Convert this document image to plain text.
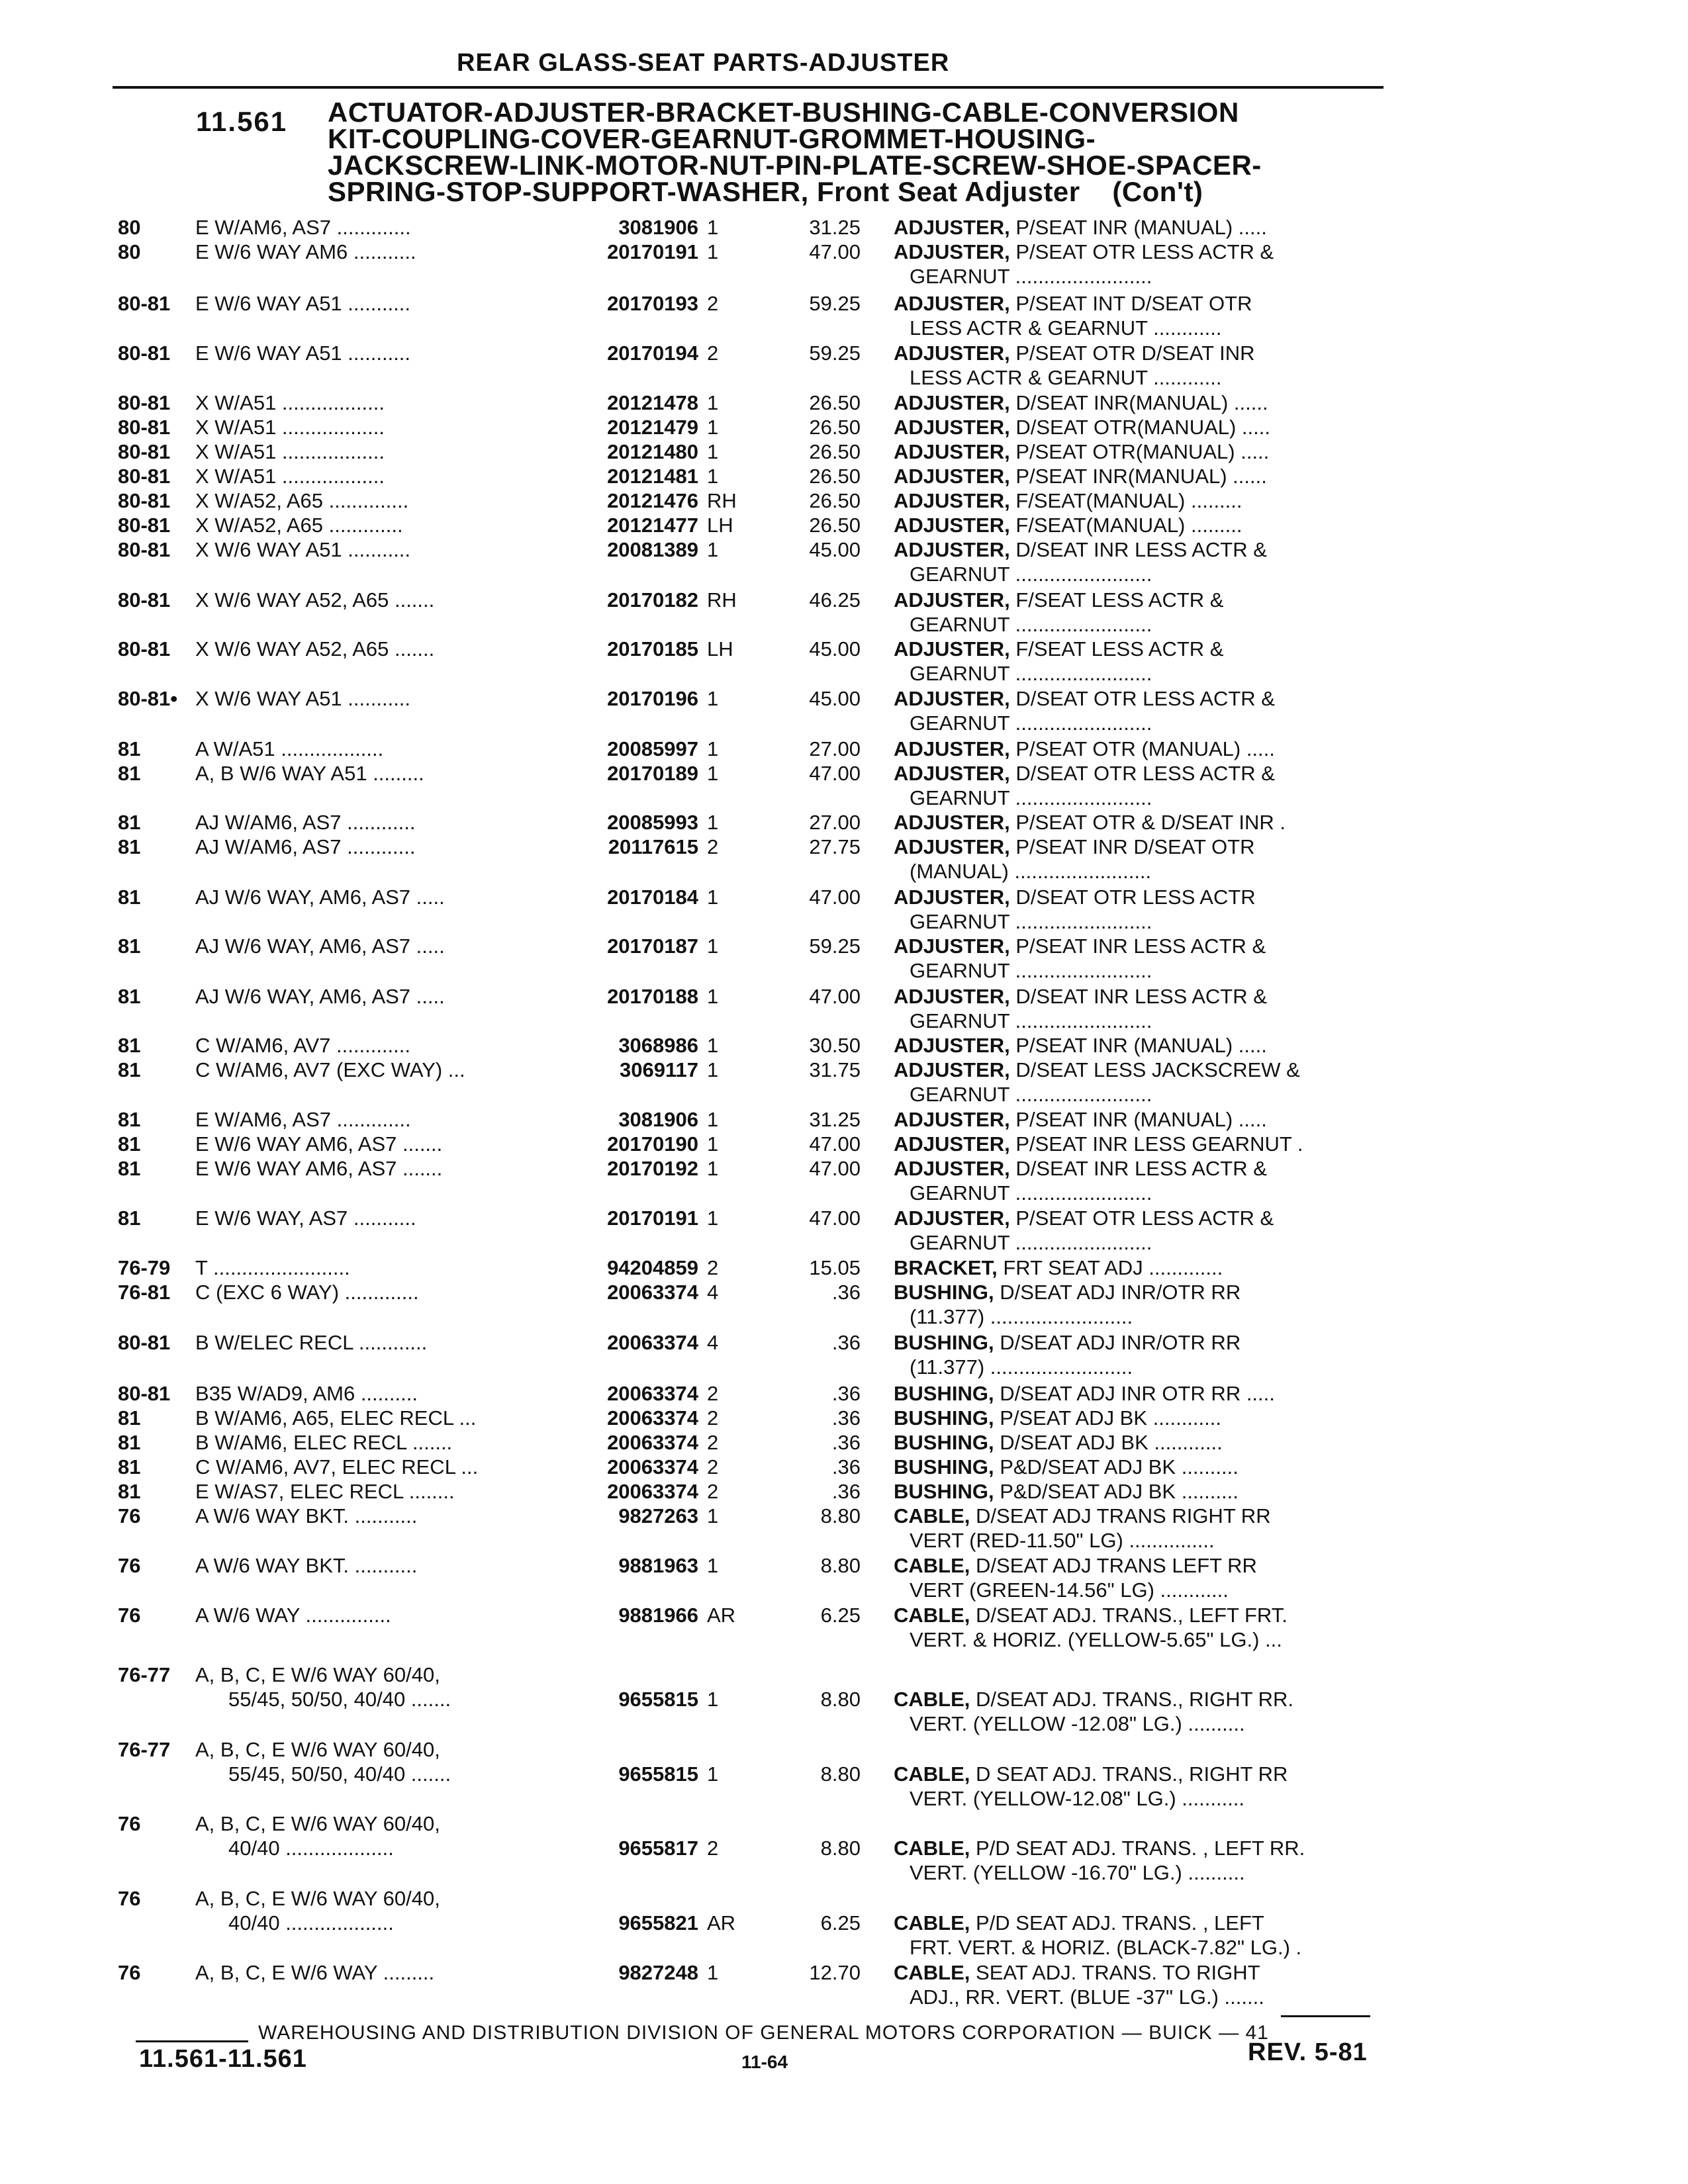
REAR GLASS-SEAT PARTS-ADJUSTER
11.561 ACTUATOR-ADJUSTER-BRACKET-BUSHING-CABLE-CONVERSION
KIT-COUPLING-COVER-GEARNUT-GROMMET-HOUSING-
JACKSCREW-LINK-MOTOR-NUT-PIN-PLATE-SCREW-SHOE-SPACER-
SPRING-STOP-SUPPORT-WASHER, Front Seat Adjuster (Con't)
80	E W/AM6, AS7 .............	3081906 1	31.25 ADJUSTER, P/SEAT INR (MANUAL) .....
80	E W/6 WAY AM6 ...........	20170191 1	47.00 ADJUSTER, P/SEAT OTR LESS ACTR &
GEARNUT ........................
80-81 E W/6 WAY A51 ...........	20170193 2	59.25 ADJUSTER, P/SEAT INT D/SEAT OTR
LESS ACTR & GEARNUT ............
80-81 E W/6 WAY A51 ...........	20170194 2	59.25 ADJUSTER, P/SEAT OTR D/SEAT INR
LESS ACTR & GEARNUT ............
80-81 X W/A51 ..................	20121478 1	26.50 ADJUSTER, D/SEAT INR(MANUAL) ......
80-81 X W/A51 ..................	20121479 1	26.50 ADJUSTER, D/SEAT OTR(MANUAL) .....
80-81 X W/A51 ..................	20121480 1	26.50 ADJUSTER, P/SEAT OTR(MANUAL) .....
80-81 X W/A51 ..................	20121481 1	26.50 ADJUSTER, P/SEAT INR(MANUAL) ......
80-81 X W/A52, A65 ..............	20121476 RH	26.50 ADJUSTER, F/SEAT(MANUAL) .........
80-81 X W/A52, A65 .............	20121477 LH	26.50 ADJUSTER, F/SEAT(MANUAL) .........
80-81 X W/6 WAY A51 ...........	20081389 1	45.00 ADJUSTER, D/SEAT INR LESS ACTR &
GEARNUT ........................
80-81 X W/6 WAY A52, A65 .......	20170182 RH	46.25 ADJUSTER, F/SEAT LESS ACTR &
GEARNUT ........................
80-81 X W/6 WAY A52, A65 .......	20170185 LH	45.00 ADJUSTER, F/SEAT LESS ACTR &
GEARNUT ........................
80-81• X W/6 WAY A51 ...........	20170196 1	45.00 ADJUSTER, D/SEAT OTR LESS ACTR &
GEARNUT ........................
81	A W/A51 ..................	20085997 1	27.00 ADJUSTER, P/SEAT OTR (MANUAL) .....
81	A, B W/6 WAY A51 .........	20170189 1	47.00 ADJUSTER, D/SEAT OTR LESS ACTR &
GEARNUT ........................
81	AJ W/AM6, AS7 ............	20085993 1	27.00 ADJUSTER, P/SEAT OTR & D/SEAT INR .
81	AJ W/AM6, AS7 ............	20117615 2	27.75 ADJUSTER, P/SEAT INR D/SEAT OTR
(MANUAL) ........................
81	AJ W/6 WAY, AM6, AS7 .....	20170184 1	47.00 ADJUSTER, D/SEAT OTR LESS ACTR
GEARNUT ........................
81	AJ W/6 WAY, AM6, AS7 .....	20170187 1	59.25 ADJUSTER, P/SEAT INR LESS ACTR &
GEARNUT ........................
81	AJ W/6 WAY, AM6, AS7 .....	20170188 1	47.00 ADJUSTER, D/SEAT INR LESS ACTR &
GEARNUT ........................
81	C W/AM6, AV7 .............	3068986 1	30.50 ADJUSTER, P/SEAT INR (MANUAL) .....
81	C W/AM6, AV7 (EXC WAY) ...	3069117 1	31.75 ADJUSTER, D/SEAT LESS JACKSCREW &
GEARNUT ........................
81	E W/AM6, AS7 .............	3081906 1	31.25 ADJUSTER, P/SEAT INR (MANUAL) .....
81	E W/6 WAY AM6, AS7 .......	20170190 1	47.00 ADJUSTER, P/SEAT INR LESS GEARNUT .
81	E W/6 WAY AM6, AS7 .......	20170192 1	47.00 ADJUSTER, D/SEAT INR LESS ACTR &
GEARNUT ........................
81	E W/6 WAY, AS7 ...........	20170191 1	47.00 ADJUSTER, P/SEAT OTR LESS ACTR &
GEARNUT ........................
76-79 T ........................	94204859 2	15.05 BRACKET, FRT SEAT ADJ .............
76-81 C (EXC 6 WAY) .............	20063374 4	.36 BUSHING, D/SEAT ADJ INR/OTR RR
(11.377) .........................
80-81 B W/ELEC RECL ............	20063374 4	.36 BUSHING, D/SEAT ADJ INR/OTR RR
(11.377) .........................
80-81 B35 W/AD9, AM6 ..........	20063374 2	.36 BUSHING, D/SEAT ADJ INR OTR RR .....
81	B W/AM6, A65, ELEC RECL ...	20063374 2	.36 BUSHING, P/SEAT ADJ BK ............
81	B W/AM6, ELEC RECL .......	20063374 2	.36 BUSHING, D/SEAT ADJ BK ............
81	C W/AM6, AV7, ELEC RECL ...	20063374 2	.36 BUSHING, P&D/SEAT ADJ BK ..........
81	E W/AS7, ELEC RECL ........	20063374 2	.36 BUSHING, P&D/SEAT ADJ BK ..........
76	A W/6 WAY BKT. ...........	9827263 1	8.80 CABLE, D/SEAT ADJ TRANS RIGHT RR
VERT (RED-11.50" LG) ...............
76	A W/6 WAY BKT. ...........	9881963 1	8.80 CABLE, D/SEAT ADJ TRANS LEFT RR
VERT (GREEN-14.56" LG) ............
76	A W/6 WAY ...............	9881966 AR	6.25 CABLE, D/SEAT ADJ. TRANS., LEFT FRT.
VERT. & HORIZ. (YELLOW-5.65" LG.) ...
76-77 A, B, C, E W/6 WAY 60/40,
55/45, 50/50, 40/40 .......	9655815 1	8.80 CABLE, D/SEAT ADJ. TRANS., RIGHT RR.
VERT. (YELLOW -12.08" LG.) ..........
76-77 A, B, C, E W/6 WAY 60/40,
55/45, 50/50, 40/40 .......	9655815 1	8.80 CABLE, D SEAT ADJ. TRANS., RIGHT RR
VERT. (YELLOW-12.08" LG.) ...........
76	A, B, C, E W/6 WAY 60/40,
40/40 ...................	9655817 2	8.80 CABLE, P/D SEAT ADJ. TRANS. , LEFT RR.
VERT. (YELLOW -16.70" LG.) ..........
76	A, B, C, E W/6 WAY 60/40,
40/40 ...................	9655821 AR	6.25 CABLE, P/D SEAT ADJ. TRANS. , LEFT
FRT. VERT. & HORIZ. (BLACK-7.82" LG.) .
76	A, B, C, E W/6 WAY .........	9827248 1	12.70 CABLE, SEAT ADJ. TRANS. TO RIGHT
ADJ., RR. VERT. (BLUE -37" LG.) .......
WAREHOUSING AND DISTRIBUTION DIVISION OF GENERAL MOTORS CORPORATION — BUICK — 41
11.561-11.561	11-64	REV. 5-81
